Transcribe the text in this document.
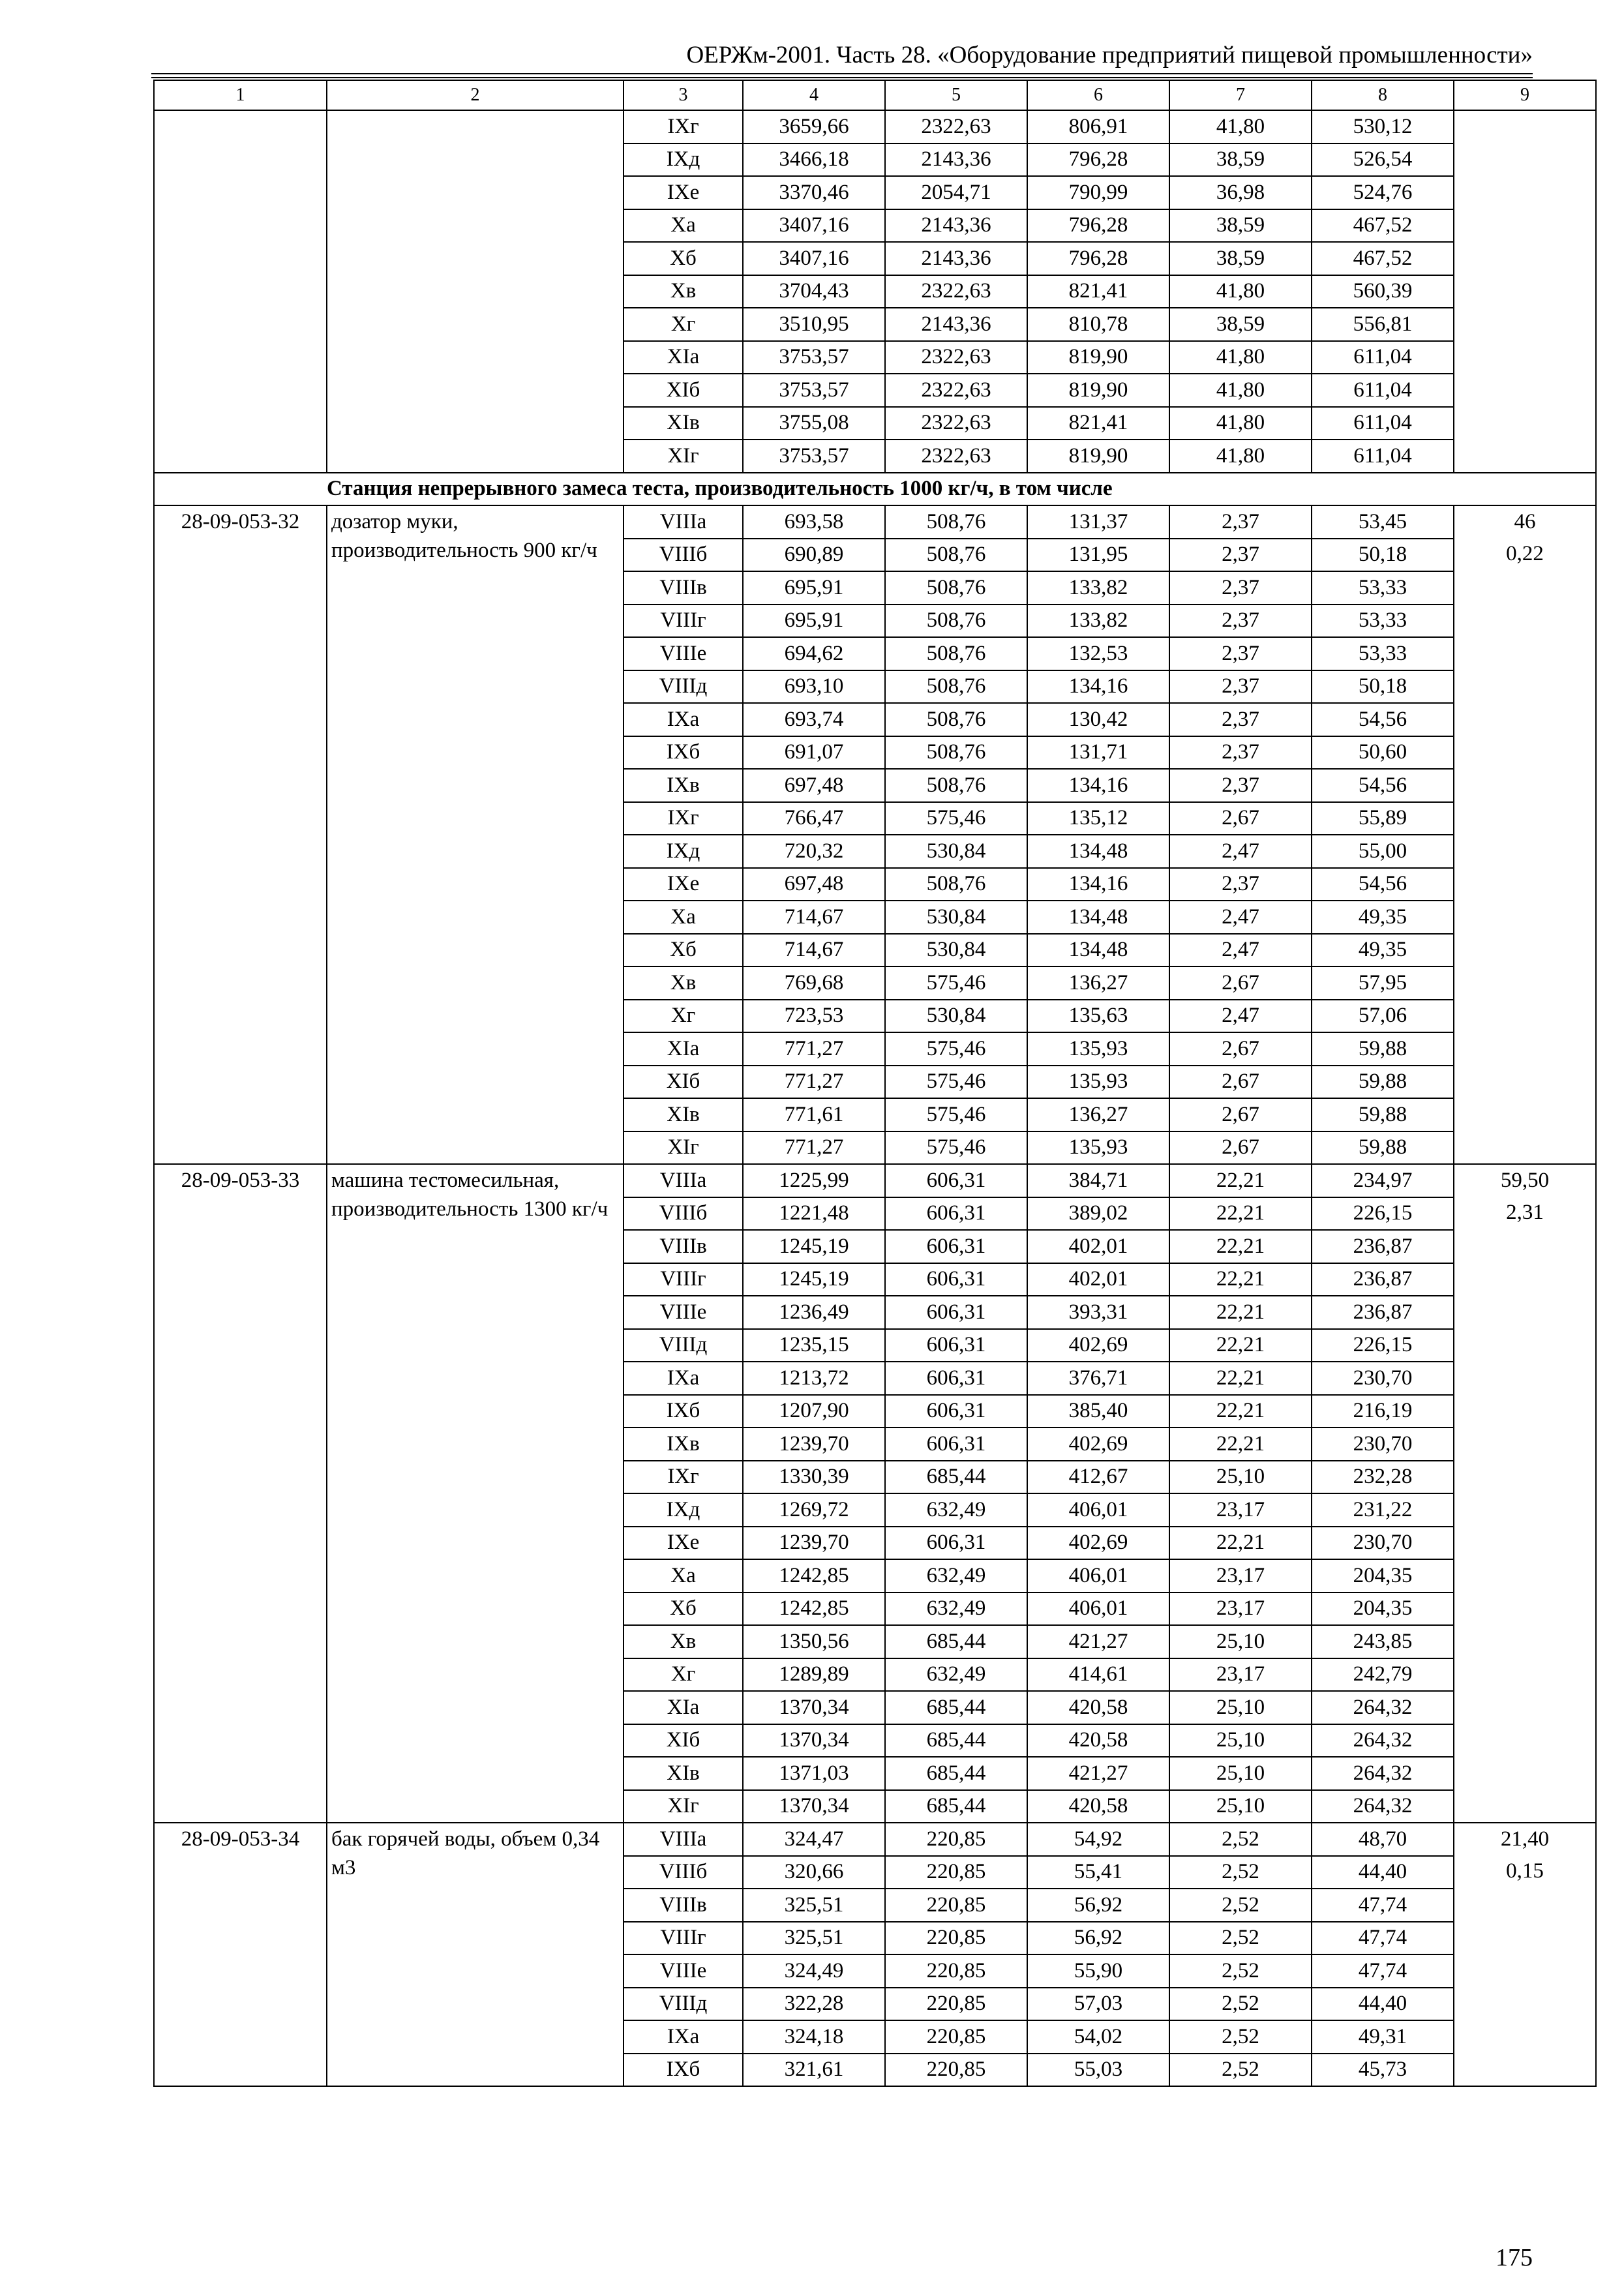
ОЕРЖм-2001. Часть 28. «Оборудование предприятий пищевой промышленности»
1	2	3	4	5	6	7	8	9
		IXг	3659,66	2322,63	806,91	41,80	530,12	
		IXд	3466,18	2143,36	796,28	38,59	526,54	
		IXе	3370,46	2054,71	790,99	36,98	524,76	
		Xа	3407,16	2143,36	796,28	38,59	467,52	
		Xб	3407,16	2143,36	796,28	38,59	467,52	
		Xв	3704,43	2322,63	821,41	41,80	560,39	
		Xг	3510,95	2143,36	810,78	38,59	556,81	
		XIа	3753,57	2322,63	819,90	41,80	611,04	
		XIб	3753,57	2322,63	819,90	41,80	611,04	
		XIв	3755,08	2322,63	821,41	41,80	611,04	
		XIг	3753,57	2322,63	819,90	41,80	611,04	
Станция непрерывного замеса теста, производительность 1000 кг/ч, в том числе								
28-09-053-32	дозатор муки, производительность 900 кг/ч	VIIIа	693,58	508,76	131,37	2,37	53,45	46
0,22

		VIIIб	690,89	508,76	131,95	2,37	50,18	
		VIIIв	695,91	508,76	133,82	2,37	53,33	
		VIIIг	695,91	508,76	133,82	2,37	53,33	
		VIIIе	694,62	508,76	132,53	2,37	53,33	
		VIIIд	693,10	508,76	134,16	2,37	50,18	
		IXа	693,74	508,76	130,42	2,37	54,56	
		IXб	691,07	508,76	131,71	2,37	50,60	
		IXв	697,48	508,76	134,16	2,37	54,56	
		IXг	766,47	575,46	135,12	2,67	55,89	
		IXд	720,32	530,84	134,48	2,47	55,00	
		IXе	697,48	508,76	134,16	2,37	54,56	
		Xа	714,67	530,84	134,48	2,47	49,35	
		Xб	714,67	530,84	134,48	2,47	49,35	
		Xв	769,68	575,46	136,27	2,67	57,95	
		Xг	723,53	530,84	135,63	2,47	57,06	
		XIа	771,27	575,46	135,93	2,67	59,88	
		XIб	771,27	575,46	135,93	2,67	59,88	
		XIв	771,61	575,46	136,27	2,67	59,88	
		XIг	771,27	575,46	135,93	2,67	59,88	
28-09-053-33	машина тестомесильная, производительность 1300 кг/ч	VIIIа	1225,99	606,31	384,71	22,21	234,97	59,50
2,31

		VIIIб	1221,48	606,31	389,02	22,21	226,15	
		VIIIв	1245,19	606,31	402,01	22,21	236,87	
		VIIIг	1245,19	606,31	402,01	22,21	236,87	
		VIIIе	1236,49	606,31	393,31	22,21	236,87	
		VIIIд	1235,15	606,31	402,69	22,21	226,15	
		IXа	1213,72	606,31	376,71	22,21	230,70	
		IXб	1207,90	606,31	385,40	22,21	216,19	
		IXв	1239,70	606,31	402,69	22,21	230,70	
		IXг	1330,39	685,44	412,67	25,10	232,28	
		IXд	1269,72	632,49	406,01	23,17	231,22	
		IXе	1239,70	606,31	402,69	22,21	230,70	
		Xа	1242,85	632,49	406,01	23,17	204,35	
		Xб	1242,85	632,49	406,01	23,17	204,35	
		Xв	1350,56	685,44	421,27	25,10	243,85	
		Xг	1289,89	632,49	414,61	23,17	242,79	
		XIа	1370,34	685,44	420,58	25,10	264,32	
		XIб	1370,34	685,44	420,58	25,10	264,32	
		XIв	1371,03	685,44	421,27	25,10	264,32	
		XIг	1370,34	685,44	420,58	25,10	264,32	
28-09-053-34	бак горячей воды, объем 0,34 м3	VIIIа	324,47	220,85	54,92	2,52	48,70	21,40
0,15

		VIIIб	320,66	220,85	55,41	2,52	44,40	
		VIIIв	325,51	220,85	56,92	2,52	47,74	
		VIIIг	325,51	220,85	56,92	2,52	47,74	
		VIIIе	324,49	220,85	55,90	2,52	47,74	
		VIIIд	322,28	220,85	57,03	2,52	44,40	
		IXа	324,18	220,85	54,02	2,52	49,31	
		IXб	321,61	220,85	55,03	2,52	45,73	
175
